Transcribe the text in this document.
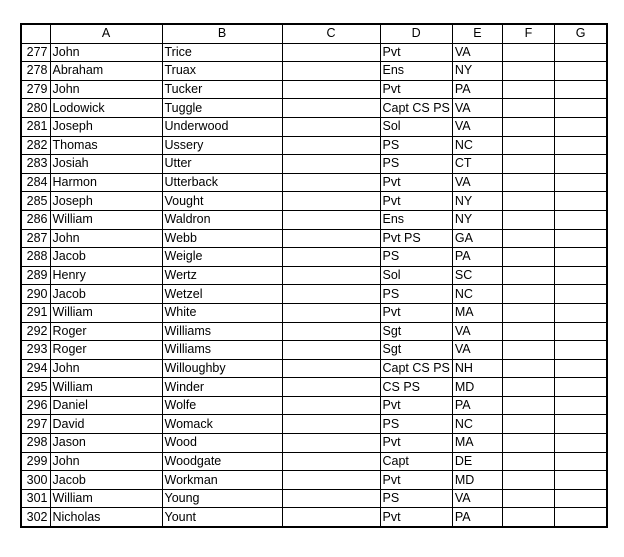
	A	B	C	D	E	F	G
277	John	Trice		Pvt	VA		
278	Abraham	Truax		Ens	NY		
279	John	Tucker		Pvt	PA		
280	Lodowick	Tuggle		Capt CS PS	VA		
281	Joseph	Underwood		Sol	VA		
282	Thomas	Ussery		PS	NC		
283	Josiah	Utter		PS	CT		
284	Harmon	Utterback		Pvt	VA		
285	Joseph	Vought		Pvt	NY		
286	William	Waldron		Ens	NY		
287	John	Webb		Pvt PS	GA		
288	Jacob	Weigle		PS	PA		
289	Henry	Wertz		Sol	SC		
290	Jacob	Wetzel		PS	NC		
291	William	White		Pvt	MA		
292	Roger	Williams		Sgt	VA		
293	Roger	Williams		Sgt	VA		
294	John	Willoughby		Capt CS PS	NH		
295	William	Winder		CS PS	MD		
296	Daniel	Wolfe		Pvt	PA		
297	David	Womack		PS	NC		
298	Jason	Wood		Pvt	MA		
299	John	Woodgate		Capt	DE		
300	Jacob	Workman		Pvt	MD		
301	William	Young		PS	VA		
302	Nicholas	Yount		Pvt	PA		
